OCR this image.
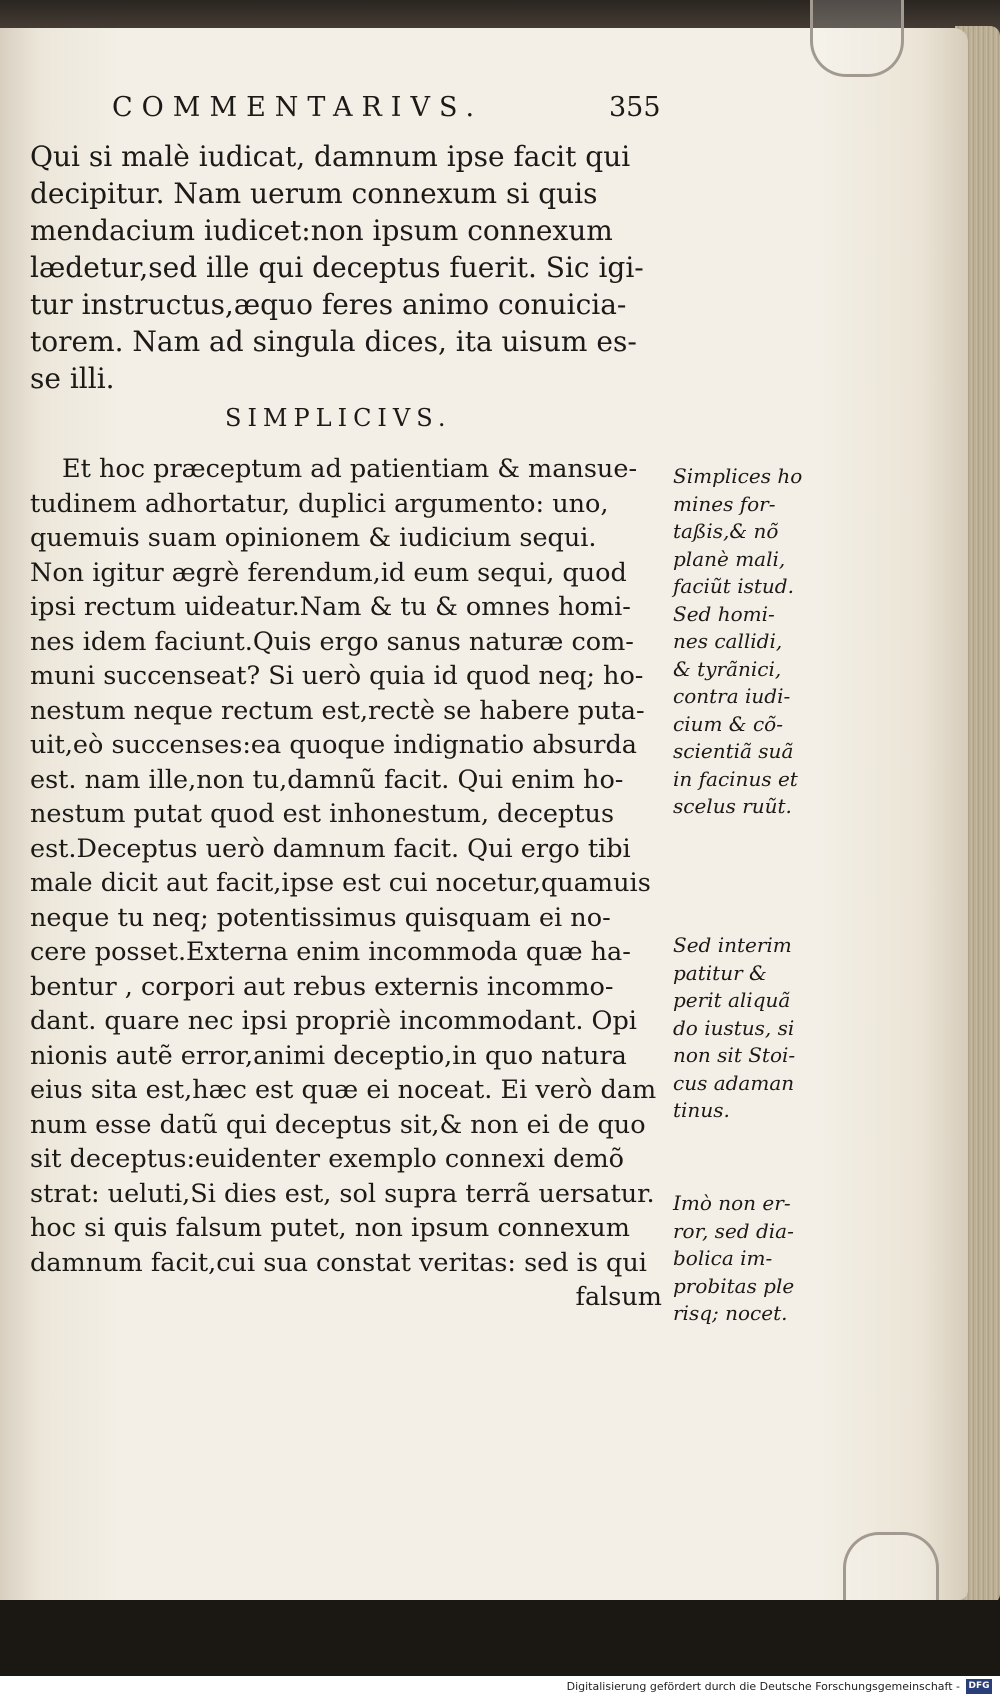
COMMENTARIVS.	355
Qui si malè iudicat, damnum ipse facit qui
decipitur. Nam uerum connexum si quis
mendacium iudicet:non ipsum connexum
lædetur,sed ille qui deceptus fuerit. Sic igi-
tur instructus,æquo feres animo conuicia-
torem. Nam ad singula dices, ita uisum es-
se illi.
SIMPLICIVS.
Et hoc præceptum ad patientiam & mansue-
tudinem adhortatur, duplici argumento: uno,
quemuis suam opinionem & iudicium sequi.
Non igitur ægrè ferendum,id eum sequi, quod
ipsi rectum uideatur.Nam & tu & omnes homi-
nes idem faciunt.Quis ergo sanus naturæ com-
muni succenseat? Si uerò quia id quod neq; ho-
nestum neque rectum est,rectè se habere puta-
uit,eò succenses:ea quoque indignatio absurda
est. nam ille,non tu,damnũ facit. Qui enim ho-
nestum putat quod est inhonestum, deceptus
est.Deceptus uerò damnum facit. Qui ergo tibi
male dicit aut facit,ipse est cui nocetur,quamuis
neque tu neq; potentissimus quisquam ei no-
cere posset.Externa enim incommoda quæ ha-
bentur , corpori aut rebus externis incommo-
dant. quare nec ipsi propriè incommodant. Opi
nionis autẽ error,animi deceptio,in quo natura
eius sita est,hæc est quæ ei noceat. Ei verò dam
num esse datũ qui deceptus sit,& non ei de quo
sit deceptus:euidenter exemplo connexi demõ
strat: ueluti,Si dies est, sol supra terrã uersatur.
hoc si quis falsum putet, non ipsum connexum
damnum facit,cui sua constat veritas: sed is qui
falsum
Simplices ho
mines for-
taßis,& nõ
planè mali,
faciũt istud.
Sed homi-
nes callidi,
& tyrãnici,
contra iudi-
cium & cõ-
scientiã suã
in facinus et
scelus ruũt.
Sed interim
patitur &
perit aliquã
do iustus, si
non sit Stoi-
cus adaman
tinus.
Imò non er-
ror, sed dia-
bolica im-
probitas ple
risq; nocet.
Digitalisierung gefördert durch die Deutsche Forschungsgemeinschaft - DFG
